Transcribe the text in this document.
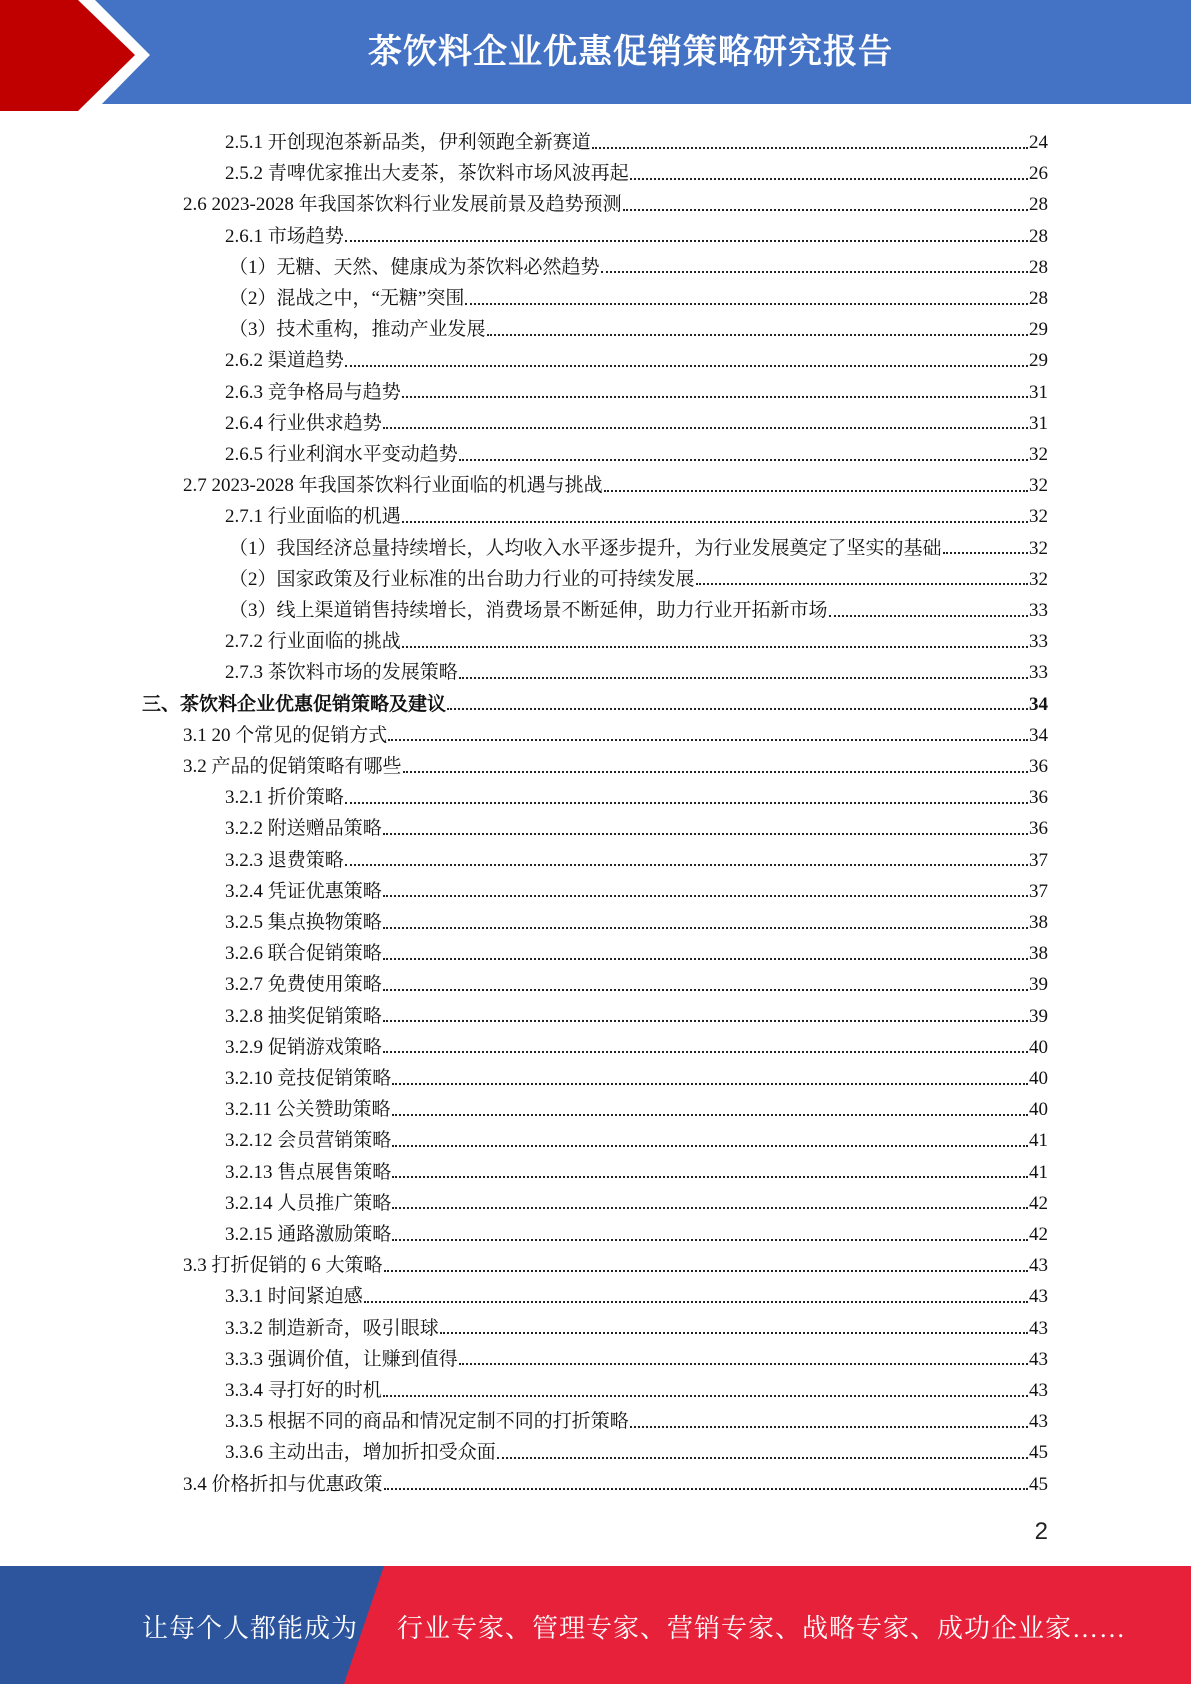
茶饮料企业优惠促销策略研究报告
2.5.1 开创现泡茶新品类，伊利领跑全新赛道	24
2.5.2 青啤优家推出大麦茶，茶饮料市场风波再起	26
2.6 2023-2028 年我国茶饮料行业发展前景及趋势预测	28
2.6.1 市场趋势	28
（1）无糖、天然、健康成为茶饮料必然趋势	28
（2）混战之中，“无糖”突围	28
（3）技术重构，推动产业发展	29
2.6.2 渠道趋势	29
2.6.3 竞争格局与趋势	31
2.6.4 行业供求趋势	31
2.6.5 行业利润水平变动趋势	32
2.7 2023-2028 年我国茶饮料行业面临的机遇与挑战	32
2.7.1 行业面临的机遇	32
（1）我国经济总量持续增长，人均收入水平逐步提升，为行业发展奠定了坚实的基础	32
（2）国家政策及行业标准的出台助力行业的可持续发展	32
（3）线上渠道销售持续增长，消费场景不断延伸，助力行业开拓新市场	33
2.7.2 行业面临的挑战	33
2.7.3 茶饮料市场的发展策略	33
三、茶饮料企业优惠促销策略及建议	34
3.1 20 个常见的促销方式	34
3.2 产品的促销策略有哪些	36
3.2.1 折价策略	36
3.2.2 附送赠品策略	36
3.2.3 退费策略	37
3.2.4 凭证优惠策略	37
3.2.5 集点换物策略	38
3.2.6 联合促销策略	38
3.2.7 免费使用策略	39
3.2.8 抽奖促销策略	39
3.2.9 促销游戏策略	40
3.2.10 竞技促销策略	40
3.2.11 公关赞助策略	40
3.2.12 会员营销策略	41
3.2.13 售点展售策略	41
3.2.14 人员推广策略	42
3.2.15 通路激励策略	42
3.3 打折促销的 6 大策略	43
3.3.1 时间紧迫感	43
3.3.2 制造新奇，吸引眼球	43
3.3.3 强调价值，让赚到值得	43
3.3.4 寻打好的时机	43
3.3.5 根据不同的商品和情况定制不同的打折策略	43
3.3.6 主动出击，增加折扣受众面	45
3.4 价格折扣与优惠政策	45
2
让每个人都能成为 行业专家、管理专家、营销专家、战略专家、成功企业家……
